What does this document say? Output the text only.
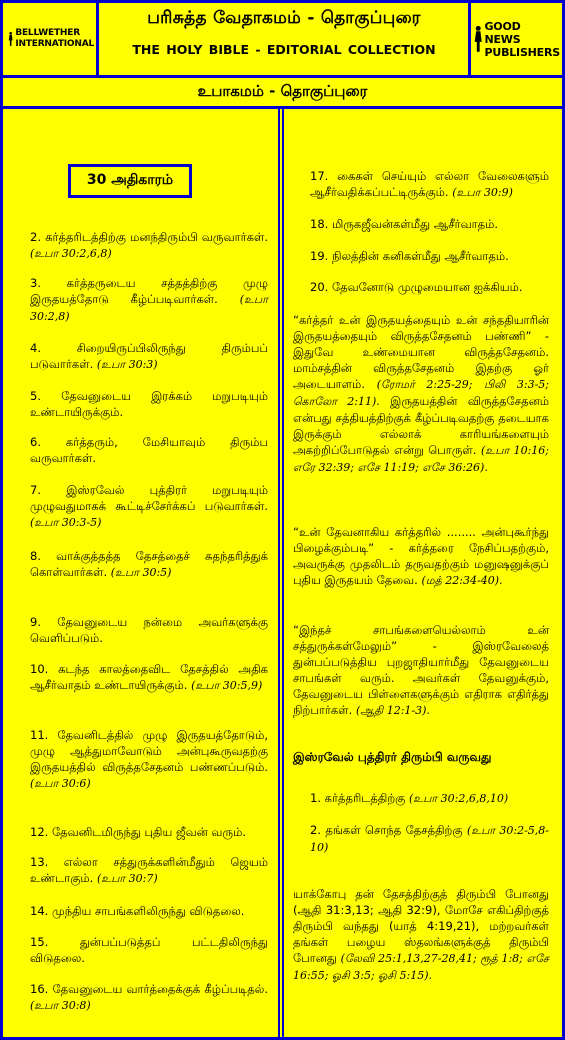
BELLWETHER
INTERNATIONAL
பரிசுத்த வேதாகமம் - தொகுப்புரை
THE HOLY BIBLE - EDITORIAL COLLECTION
GOOD NEWS
PUBLISHERS
உபாகமம் - தொகுப்புரை
30 அதிகாரம்
2. கர்த்தரிடத்திற்கு மனந்திரும்பி வருவார்கள். (உபா 30:2,6,8)
3. கர்த்தருடைய சத்தத்திற்கு முழு இருதயத்தோடு கீழ்ப்படிவார்கள். (உபா 30:2,8)
4. சிறையிருப்பிலிருந்து திரும்பப் படுவார்கள். (உபா 30:3)
5. தேவனுடைய இரக்கம் மறுபடியும் உண்டாயிருக்கும்.
6. கர்த்தரும், மேசியாவும் திரும்ப வருவார்கள்.
7. இஸ்ரவேல் புத்திரர் மறுபடியும் முழுவதுமாகக் கூட்டிச்சேர்க்கப் படுவார்கள். (உபா 30:3-5)
8. வாக்குத்தத்த தேசத்தைச் சுதந்தரித்துக் கொள்வார்கள். (உபா 30:5)
9. தேவனுடைய நன்மை அவர்களுக்கு வெளிப்படும்.
10. கடந்த காலத்தைவிட தேசத்தில் அதிக ஆசீர்வாதம் உண்டாயிருக்கும். (உபா 30:5,9)
11. தேவனிடத்தில் முழு இருதயத்தோடும், முழு ஆத்துமாவோடும் அன்புகூருவதற்கு இருதயத்தில் விருத்தசேதனம் பண்ணப்படும். (உபா 30:6)
12. தேவனிடமிருந்து புதிய ஜீவன் வரும்.
13. எல்லா சத்துருக்களின்மீதும் ஜெயம் உண்டாகும். (உபா 30:7)
14. முந்திய சாபங்களிலிருந்து விடுதலை.
15. துன்பப்படுத்தப் பட்டதிலிருந்து விடுதலை.
16. தேவனுடைய வார்த்தைக்குக் கீழ்ப்படிதல். (உபா 30:8)
17. கைகள் செய்யும் எல்லா வேலைகளும் ஆசீர்வதிக்கப்பட்டிருக்கும். (உபா 30:9)
18. மிருகஜீவன்கள்மீது ஆசீர்வாதம்.
19. நிலத்தின் கனிகள்மீது ஆசீர்வாதம்.
20. தேவனோடு முழுமையான ஐக்கியம்.
“கர்த்தர் உன் இருதயத்தையும் உன் சந்ததியாரின் இருதயத்தையும் விருத்தசேதனம் பண்ணி” - இதுவே உண்மையான விருத்தசேதனம். மாம்சத்தின் விருத்தசேதனம் இதற்கு ஓர் அடையாளம். (ரோமர் 2:25-29; பிலி 3:3-5; கொலோ 2:11). இருதயத்தின் விருத்தசேதனம் என்பது சத்தியத்திற்குக் கீழ்ப்படிவதற்கு தடையாக இருக்கும் எல்லாக் காரியங்களையும் அகற்றிப்போடுதல் என்று பொருள். (உபா 10:16; எரே 32:39; எசே 11:19; எசே 36:26).
“உன் தேவனாகிய கர்த்தரில் ........ அன்புகூர்ந்து பிழைக்கும்படி” - கர்த்தரை நேசிப்பதற்கும், அவருக்கு முதலிடம் தருவதற்கும் மனுஷனுக்குப் புதிய இருதயம் தேவை. (மத் 22:34-40).
“இந்தச் சாபங்களையெல்லாம் உன் சத்துருக்கள்மேலும்” - இஸ்ரவேலைத் துன்பப்படுத்திய புறஜாதியார்மீது தேவனுடைய சாபங்கள் வரும். அவர்கள் தேவனுக்கும், தேவனுடைய பிள்ளைகளுக்கும் எதிராக எதிர்த்து நிற்பார்கள். (ஆதி 12:1-3).
இஸ்ரவேல் புத்திரர் திரும்பி வருவது
1. கர்த்தரிடத்திற்கு (உபா 30:2,6,8,10)
2. தங்கள் சொந்த தேசத்திற்கு (உபா 30:2-5,8-10)
யாக்கோபு தன் தேசத்திற்குத் திரும்பி போனது (ஆதி 31:3,13; ஆதி 32:9), மோசே எகிப்திற்குத் திரும்பி வந்தது (யாத் 4:19,21), மற்றவர்கள் தங்கள் பழைய ஸ்தலங்களுக்குத் திரும்பி போனது (லேவி 25:1,13,27-28,41; ரூத் 1:8; எசே 16:55; ஓசி 3:5; ஓசி 5:15).
